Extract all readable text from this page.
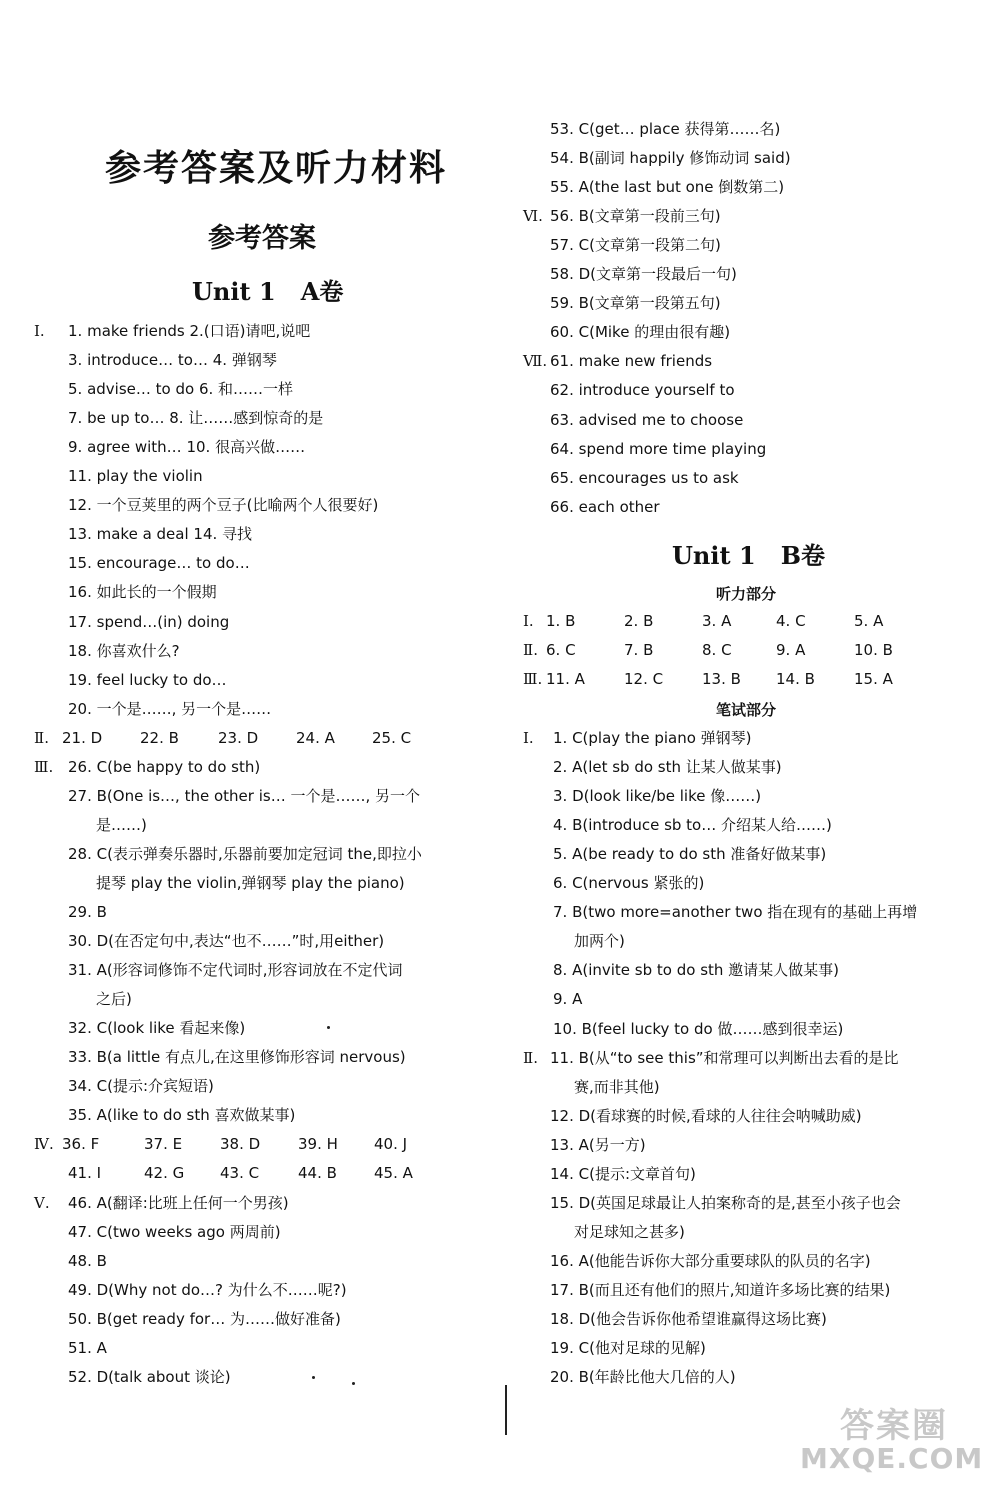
参考答案及听力材料
参考答案
Unit 1   A卷
Unit 1   B卷
听力部分
笔试部分
答案圈
MXQE.COM
Ⅰ. 1. make friends 2.(口语)请吧,说吧
3. introduce… to… 4. 弹钢琴
5. advise… to do 6. 和……一样
7. be up to… 8. 让……感到惊奇的是
9. agree with… 10. 很高兴做……
11. play the violin
12. 一个豆荚里的两个豆子(比喻两个人很要好)
13. make a deal 14. 寻找
15. encourage… to do…
16. 如此长的一个假期
17. spend…(in) doing
18. 你喜欢什么?
19. feel lucky to do…
20. 一个是……, 另一个是……
Ⅱ. 21. D	22. B	23. D	24. A 25. C
Ⅲ. 26. C(be happy to do sth)
27. B(One is…, the other is… 一个是……, 另一个
是……)
28. C(表示弹奏乐器时,乐器前要加定冠词 the,即拉小
提琴 play the violin,弹钢琴 play the piano)
29. B
30. D(在否定句中,表达“也不……”时,用either)
31. A(形容词修饰不定代词时,形容词放在不定代词
之后)
32. C(look like 看起来像)
33. B(a little 有点儿,在这里修饰形容词 nervous)
34. C(提示:介宾短语)
35. A(like to do sth 喜欢做某事)
Ⅳ. 36. F	37. E	38. D	39. H 40. J
41. I	42. G 43. C	44. B 45. A
Ⅴ. 46. A(翻译:比班上任何一个男孩)
47. C(two weeks ago 两周前)
48. B
49. D(Why not do…? 为什么不……呢?)
50. B(get ready for… 为……做好准备)
51. A
52. D(talk about 谈论)
53. C(get… place 获得第……名)
54. B(副词 happily 修饰动词 said)
55. A(the last but one 倒数第二)
Ⅵ. 56. B(文章第一段前三句)
57. C(文章第一段第二句)
58. D(文章第一段最后一句)
59. B(文章第一段第五句)
60. C(Mike 的理由很有趣)
Ⅶ. 61. make new friends
62. introduce yourself to
63. advised me to choose
64. spend more time playing
65. encourages us to ask
66. each other
Ⅰ. 1. B	2. B	3. A	4. C	5. A
Ⅱ. 6. C	7. B	8. C	9. A	10. B
Ⅲ. 11. A	12. C	13. B 14. B	15. A
Ⅰ. 1. C(play the piano 弹钢琴)
2. A(let sb do sth 让某人做某事)
3. D(look like/be like 像……)
4. B(introduce sb to… 介绍某人给……)
5. A(be ready to do sth 准备好做某事)
6. C(nervous 紧张的)
7. B(two more=another two 指在现有的基础上再增
加两个)
8. A(invite sb to do sth 邀请某人做某事)
9. A
10. B(feel lucky to do 做……感到很幸运)
Ⅱ. 11. B(从“to see this”和常理可以判断出去看的是比
赛,而非其他)
12. D(看球赛的时候,看球的人往往会呐喊助威)
13. A(另一方)
14. C(提示:文章首句)
15. D(英国足球最让人拍案称奇的是,甚至小孩子也会
对足球知之甚多)
16. A(他能告诉你大部分重要球队的队员的名字)
17. B(而且还有他们的照片,知道许多场比赛的结果)
18. D(他会告诉你他希望谁赢得这场比赛)
19. C(他对足球的见解)
20. B(年龄比他大几倍的人)
